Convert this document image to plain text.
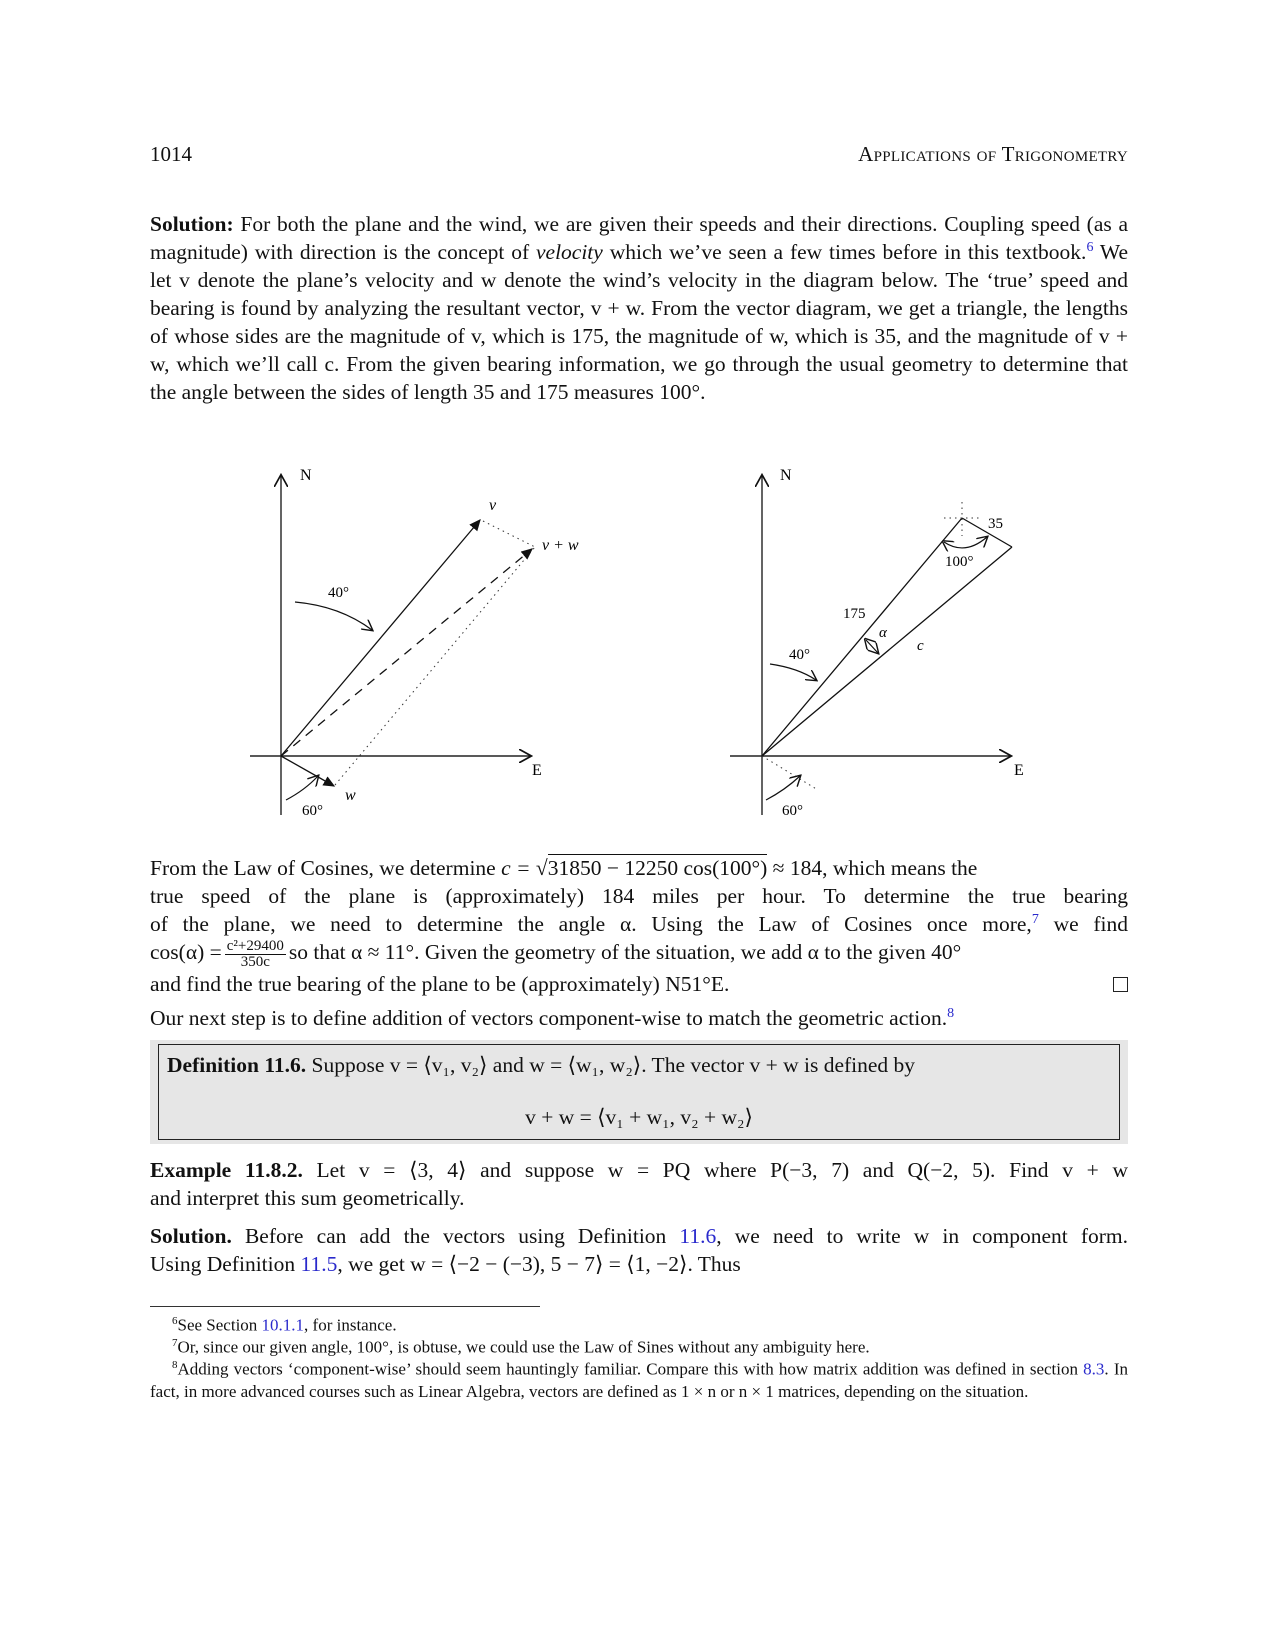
1014	Applications of Trigonometry
Solution: For both the plane and the wind, we are given their speeds and their directions. Coupling speed (as a magnitude) with direction is the concept of velocity which we’ve seen a few times before in this textbook.$^6$ We let v denote the plane’s velocity and w denote the wind’s velocity in the diagram below. The ‘true’ speed and bearing is found by analyzing the resultant vector, v + w. From the vector diagram, we get a triangle, the lengths of whose sides are the magnitude of v, which is 175, the magnitude of w, which is 35, and the magnitude of v + w, which we’ll call c. From the given bearing information, we go through the usual geometry to determine that the angle between the sides of length 35 and 175 measures 100°.
N
E
v
v + w
w
40°
60°
N
E
35
100°
175
α
c
40°
60°
From the Law of Cosines, we determine c = √31850 − 12250 cos(100°) ≈ 184, which means the
true speed of the plane is (approximately) 184 miles per hour. To determine the true bearing
of the plane, we need to determine the angle α. Using the Law of Cosines once more,$^7$ we find
$\cos(\alpha) = \frac{\text{c²+29400}}{350c}$ so that α ≈ 11°. Given the geometry of the situation, we add α to the given 40°
and find the true bearing of the plane to be (approximately) N51°E.
Our next step is to define addition of vectors component-wise to match the geometric action.$^8$
Definition 11.6. Suppose v = ⟨v₁, v₂⟩ and w = ⟨w₁, w₂⟩. The vector v + w is defined by
v + w = ⟨v₁ + w₁, v₂ + w₂⟩
Example 11.8.2. Let v = ⟨3, 4⟩ and suppose w = PQ where P(−3, 7) and Q(−2, 5). Find v + w
and interpret this sum geometrically.
Solution. Before can add the vectors using Definition 11.6, we need to write w in component form.
Using Definition 11.5, we get w = ⟨−2 − (−3), 5 − 7⟩ = ⟨1, −2⟩. Thus
$^6$See Section 10.1.1, for instance.
$^7$Or, since our given angle, 100°, is obtuse, we could use the Law of Sines without any ambiguity here.
$^8$Adding vectors ‘component-wise’ should seem hauntingly familiar. Compare this with how matrix addition was defined in section 8.3. In fact, in more advanced courses such as Linear Algebra, vectors are defined as 1 × n or n × 1 matrices, depending on the situation.
